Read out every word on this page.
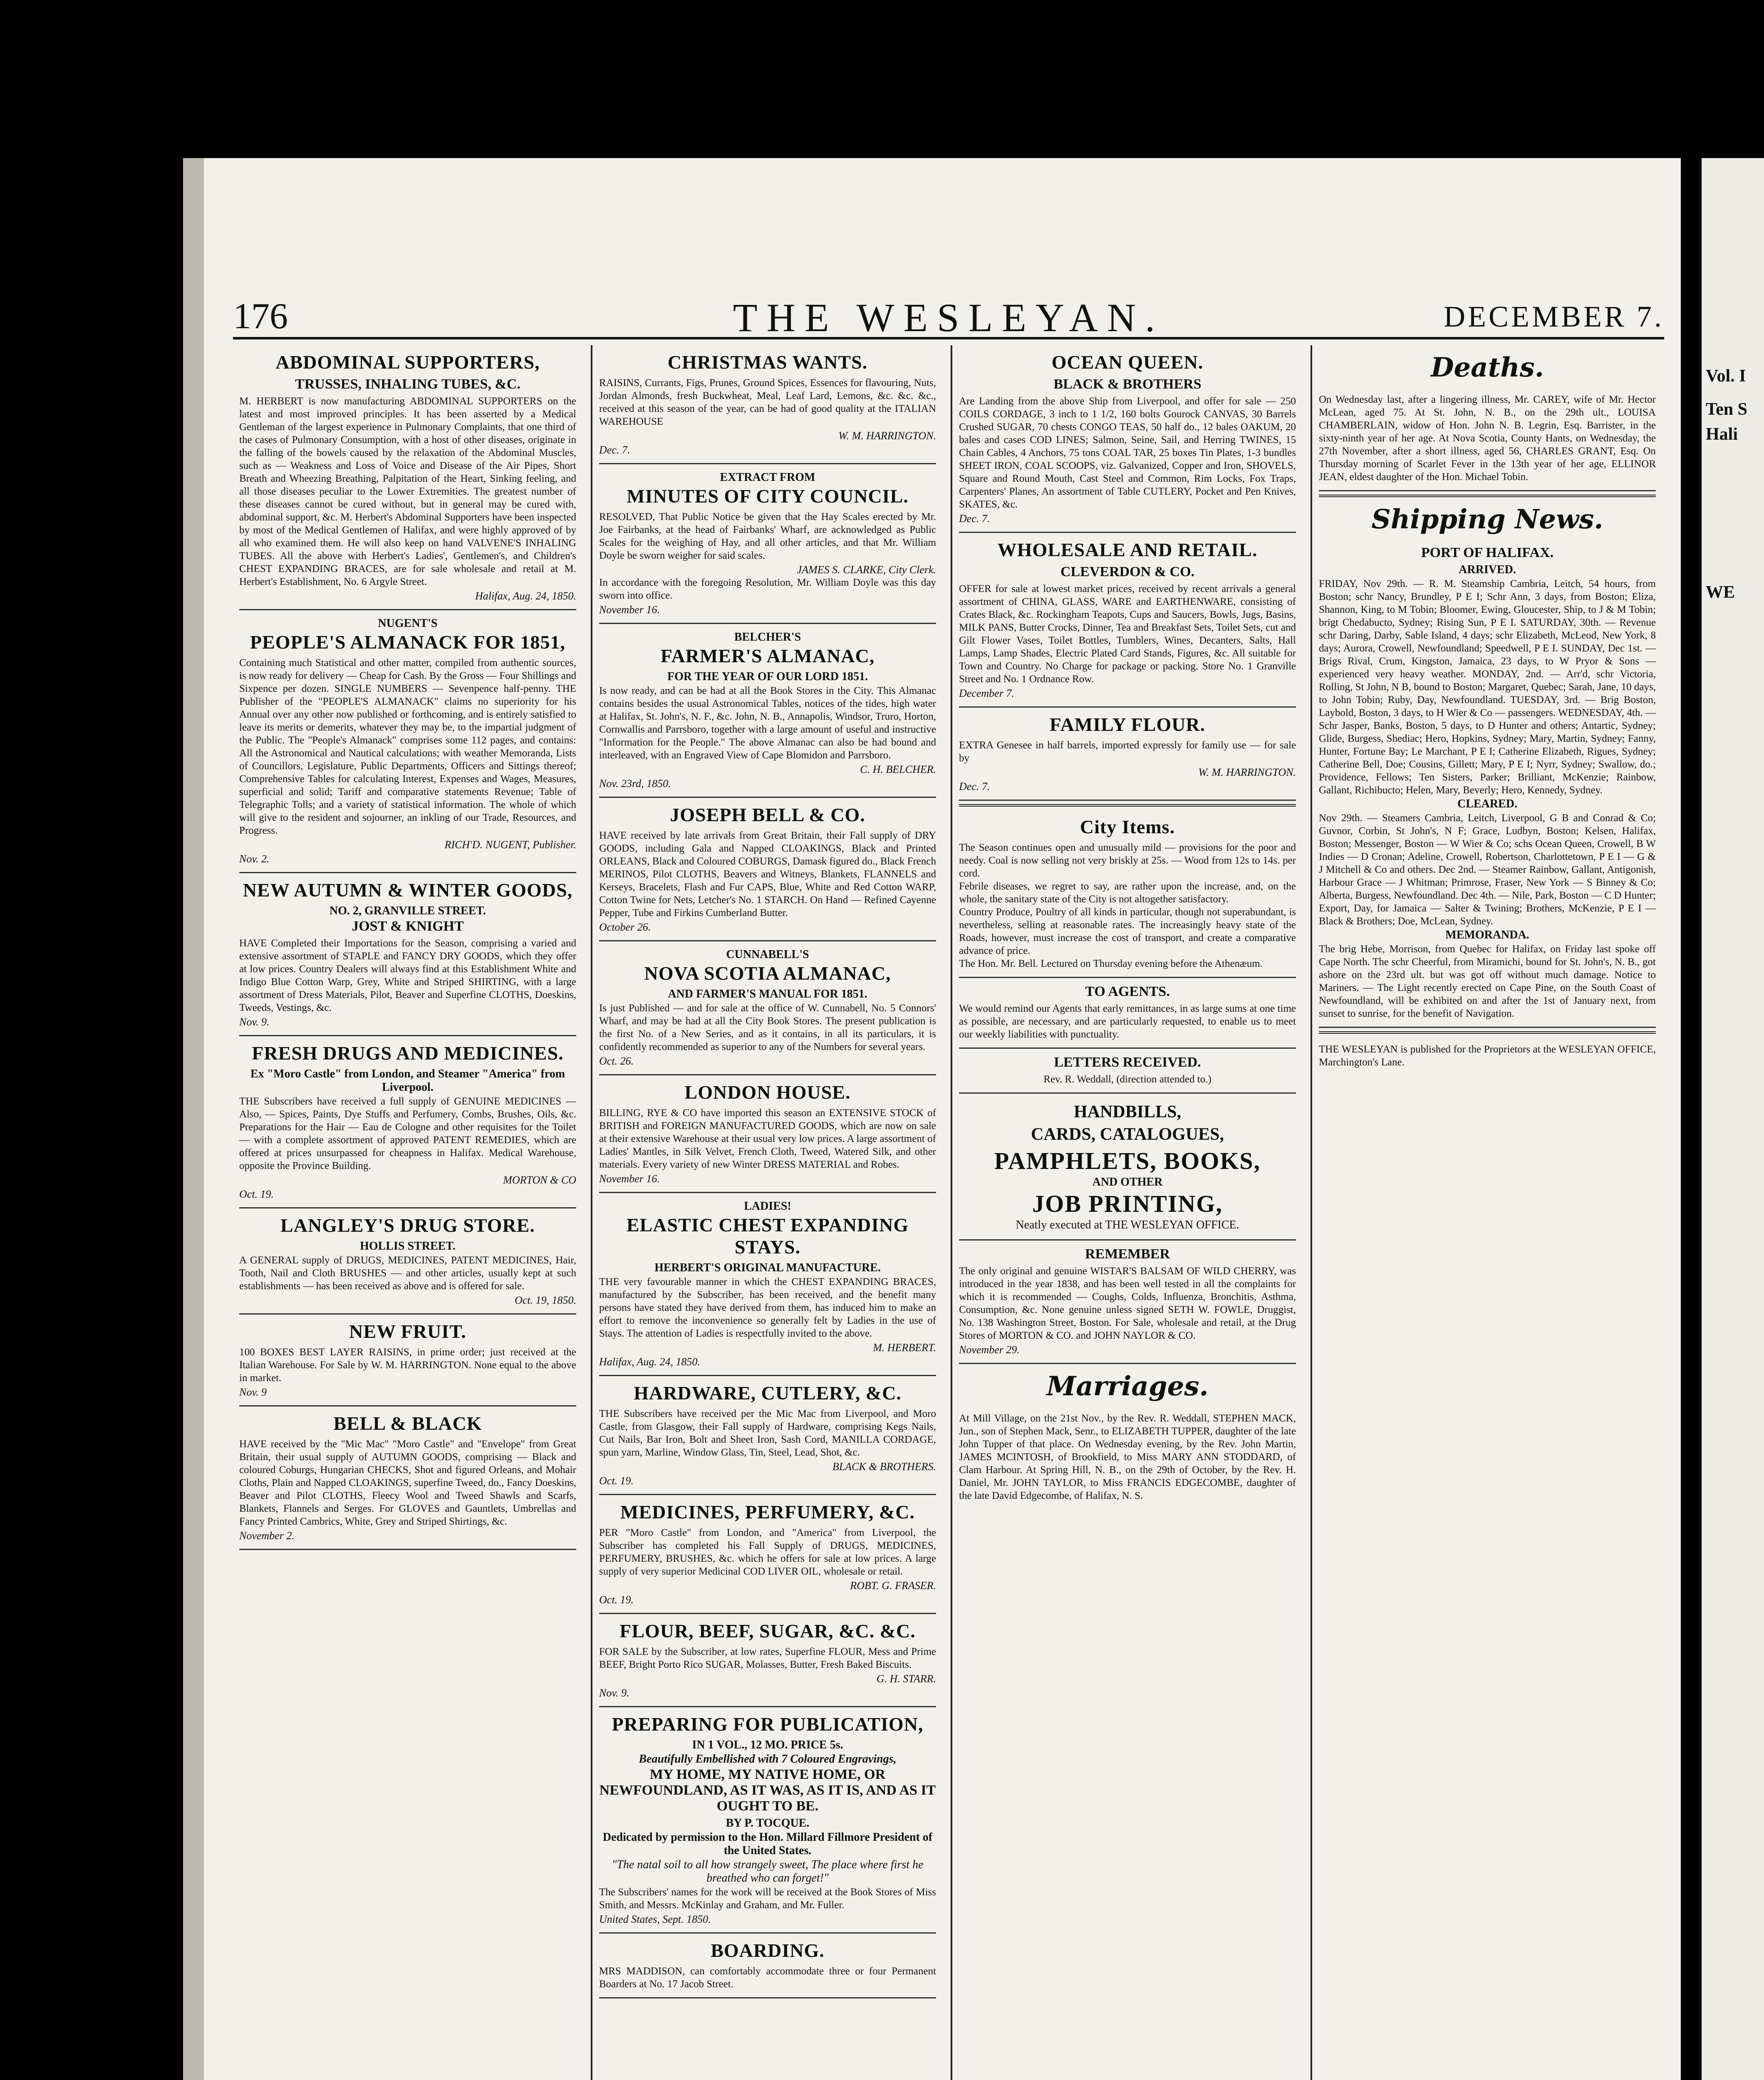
Vol. I
Ten S
Hali
WE
176	THE WESLEYAN.	DECEMBER 7.
ABDOMINAL SUPPORTERS,
TRUSSES, INHALING TUBES, &C.

M. HERBERT is now manufacturing ABDOMINAL SUPPORTERS on the latest and most improved principles. It has been asserted by a Medical Gentleman of the largest experience in Pulmonary Complaints, that one third of the cases of Pulmonary Consumption, with a host of other diseases, originate in the falling of the bowels caused by the relaxation of the Abdominal Muscles, such as — Weakness and Loss of Voice and Disease of the Air Pipes, Short Breath and Wheezing Breathing, Palpitation of the Heart, Sinking feeling, and all those diseases peculiar to the Lower Extremities. The greatest number of these diseases cannot be cured without, but in general may be cured with, abdominal support, &c. M. Herbert's Abdominal Supporters have been inspected by most of the Medical Gentlemen of Halifax, and were highly approved of by all who examined them. He will also keep on hand VALVENE'S INHALING TUBES. All the above with Herbert's Ladies', Gentlemen's, and Children's CHEST EXPANDING BRACES, are for sale wholesale and retail at M. Herbert's Establishment, No. 6 Argyle Street.

Halifax, Aug. 24, 1850.
NUGENT'S
PEOPLE'S ALMANACK FOR 1851,

Containing much Statistical and other matter, compiled from authentic sources, is now ready for delivery — Cheap for Cash. By the Gross — Four Shillings and Sixpence per dozen. SINGLE NUMBERS — Sevenpence half-penny. THE Publisher of the "PEOPLE'S ALMANACK" claims no superiority for his Annual over any other now published or forthcoming, and is entirely satisfied to leave its merits or demerits, whatever they may be, to the impartial judgment of the Public. The "People's Almanack" comprises some 112 pages, and contains: All the Astronomical and Nautical calculations; with weather Memoranda, Lists of Councillors, Legislature, Public Departments, Officers and Sittings thereof; Comprehensive Tables for calculating Interest, Expenses and Wages, Measures, superficial and solid; Tariff and comparative statements Revenue; Table of Telegraphic Tolls; and a variety of statistical information. The whole of which will give to the resident and sojourner, an inkling of our Trade, Resources, and Progress.

RICH'D. NUGENT, Publisher.
Nov. 2.
NEW AUTUMN & WINTER GOODS,
NO. 2, GRANVILLE STREET.
JOST & KNIGHT

HAVE Completed their Importations for the Season, comprising a varied and extensive assortment of STAPLE and FANCY DRY GOODS, which they offer at low prices. Country Dealers will always find at this Establishment White and Indigo Blue Cotton Warp, Grey, White and Striped SHIRTING, with a large assortment of Dress Materials, Pilot, Beaver and Superfine CLOTHS, Doeskins, Tweeds, Vestings, &c.

Nov. 9.
FRESH DRUGS AND MEDICINES.
Ex "Moro Castle" from London, and Steamer "America" from Liverpool.

THE Subscribers have received a full supply of GENUINE MEDICINES — Also, — Spices, Paints, Dye Stuffs and Perfumery, Combs, Brushes, Oils, &c. Preparations for the Hair — Eau de Cologne and other requisites for the Toilet — with a complete assortment of approved PATENT REMEDIES, which are offered at prices unsurpassed for cheapness in Halifax. Medical Warehouse, opposite the Province Building.

MORTON & CO
Oct. 19.
LANGLEY'S DRUG STORE.
HOLLIS STREET.

A GENERAL supply of DRUGS, MEDICINES, PATENT MEDICINES, Hair, Tooth, Nail and Cloth BRUSHES — and other articles, usually kept at such establishments — has been received as above and is offered for sale.

Oct. 19, 1850.
NEW FRUIT.

100 BOXES BEST LAYER RAISINS, in prime order; just received at the Italian Warehouse. For Sale by W. M. HARRINGTON. None equal to the above in market.

Nov. 9
BELL & BLACK

HAVE received by the "Mic Mac" "Moro Castle" and "Envelope" from Great Britain, their usual supply of AUTUMN GOODS, comprising — Black and coloured Coburgs, Hungarian CHECKS, Shot and figured Orleans, and Mohair Cloths, Plain and Napped CLOAKINGS, superfine Tweed, do., Fancy Doeskins, Beaver and Pilot CLOTHS, Fleecy Wool and Tweed Shawls and Scarfs, Blankets, Flannels and Serges. For GLOVES and Gauntlets, Umbrellas and Fancy Printed Cambrics, White, Grey and Striped Shirtings, &c.

November 2.
CHRISTMAS WANTS.

RAISINS, Currants, Figs, Prunes, Ground Spices, Essences for flavouring, Nuts, Jordan Almonds, fresh Buckwheat, Meal, Leaf Lard, Lemons, &c. &c. &c., received at this season of the year, can be had of good quality at the ITALIAN WAREHOUSE

W. M. HARRINGTON.
Dec. 7.
EXTRACT FROM
MINUTES OF CITY COUNCIL.

RESOLVED, That Public Notice be given that the Hay Scales erected by Mr. Joe Fairbanks, at the head of Fairbanks' Wharf, are acknowledged as Public Scales for the weighing of Hay, and all other articles, and that Mr. William Doyle be sworn weigher for said scales.

JAMES S. CLARKE, City Clerk.

In accordance with the foregoing Resolution, Mr. William Doyle was this day sworn into office.

November 16.
BELCHER'S
FARMER'S ALMANAC,
FOR THE YEAR OF OUR LORD 1851.

Is now ready, and can be had at all the Book Stores in the City. This Almanac contains besides the usual Astronomical Tables, notices of the tides, high water at Halifax, St. John's, N. F., &c. John, N. B., Annapolis, Windsor, Truro, Horton, Cornwallis and Parrsboro, together with a large amount of useful and instructive "Information for the People." The above Almanac can also be had bound and interleaved, with an Engraved View of Cape Blomidon and Parrsboro.

C. H. BELCHER.
Nov. 23rd, 1850.
JOSEPH BELL & CO.

HAVE received by late arrivals from Great Britain, their Fall supply of DRY GOODS, including Gala and Napped CLOAKINGS, Black and Printed ORLEANS, Black and Coloured COBURGS, Damask figured do., Black French MERINOS, Pilot CLOTHS, Beavers and Witneys, Blankets, FLANNELS and Kerseys, Bracelets, Flash and Fur CAPS, Blue, White and Red Cotton WARP, Cotton Twine for Nets, Letcher's No. 1 STARCH. On Hand — Refined Cayenne Pepper, Tube and Firkins Cumberland Butter.

October 26.
CUNNABELL'S
NOVA SCOTIA ALMANAC,
AND FARMER'S MANUAL FOR 1851.

Is just Published — and for sale at the office of W. Cunnabell, No. 5 Connors' Wharf, and may be had at all the City Book Stores. The present publication is the first No. of a New Series, and as it contains, in all its particulars, it is confidently recommended as superior to any of the Numbers for several years.

Oct. 26.
LONDON HOUSE.

BILLING, RYE & CO have imported this season an EXTENSIVE STOCK of BRITISH and FOREIGN MANUFACTURED GOODS, which are now on sale at their extensive Warehouse at their usual very low prices. A large assortment of Ladies' Mantles, in Silk Velvet, French Cloth, Tweed, Watered Silk, and other materials. Every variety of new Winter DRESS MATERIAL and Robes.

November 16.
LADIES!
ELASTIC CHEST EXPANDING STAYS.
HERBERT'S ORIGINAL MANUFACTURE.

THE very favourable manner in which the CHEST EXPANDING BRACES, manufactured by the Subscriber, has been received, and the benefit many persons have stated they have derived from them, has induced him to make an effort to remove the inconvenience so generally felt by Ladies in the use of Stays. The attention of Ladies is respectfully invited to the above.

M. HERBERT.
Halifax, Aug. 24, 1850.
HARDWARE, CUTLERY, &C.

THE Subscribers have received per the Mic Mac from Liverpool, and Moro Castle, from Glasgow, their Fall supply of Hardware, comprising Kegs Nails, Cut Nails, Bar Iron, Bolt and Sheet Iron, Sash Cord, MANILLA CORDAGE, spun yarn, Marline, Window Glass, Tin, Steel, Lead, Shot, &c.

BLACK & BROTHERS.
Oct. 19.
MEDICINES, PERFUMERY, &C.

PER "Moro Castle" from London, and "America" from Liverpool, the Subscriber has completed his Fall Supply of DRUGS, MEDICINES, PERFUMERY, BRUSHES, &c. which he offers for sale at low prices. A large supply of very superior Medicinal COD LIVER OIL, wholesale or retail.

ROBT. G. FRASER.
Oct. 19.
FLOUR, BEEF, SUGAR, &C. &C.

FOR SALE by the Subscriber, at low rates, Superfine FLOUR, Mess and Prime BEEF, Bright Porto Rico SUGAR, Molasses, Butter, Fresh Baked Biscuits.

G. H. STARR.
Nov. 9.
PREPARING FOR PUBLICATION,
IN 1 VOL., 12 MO. PRICE 5s.
Beautifully Embellished with 7 Coloured Engravings,
MY HOME, MY NATIVE HOME, OR NEWFOUNDLAND, AS IT WAS, AS IT IS, AND AS IT OUGHT TO BE.
BY P. TOCQUE.
Dedicated by permission to the Hon. Millard Fillmore President of the United States.
"The natal soil to all how strangely sweet, The place where first he breathed who can forget!"

The Subscribers' names for the work will be received at the Book Stores of Miss Smith, and Messrs. McKinlay and Graham, and Mr. Fuller.

United States, Sept. 1850.
BOARDING.

MRS MADDISON, can comfortably accommodate three or four Permanent Boarders at No. 17 Jacob Street.

OCEAN QUEEN.
BLACK & BROTHERS

Are Landing from the above Ship from Liverpool, and offer for sale — 250 COILS CORDAGE, 3 inch to 1 1/2, 160 bolts Gourock CANVAS, 30 Barrels Crushed SUGAR, 70 chests CONGO TEAS, 50 half do., 12 bales OAKUM, 20 bales and cases COD LINES; Salmon, Seine, Sail, and Herring TWINES, 15 Chain Cables, 4 Anchors, 75 tons COAL TAR, 25 boxes Tin Plates, 1-3 bundles SHEET IRON, COAL SCOOPS, viz. Galvanized, Copper and Iron, SHOVELS, Square and Round Mouth, Cast Steel and Common, Rim Locks, Fox Traps, Carpenters' Planes, An assortment of Table CUTLERY, Pocket and Pen Knives, SKATES, &c.

Dec. 7.
WHOLESALE AND RETAIL.
CLEVERDON & CO.

OFFER for sale at lowest market prices, received by recent arrivals a general assortment of CHINA, GLASS, WARE and EARTHENWARE, consisting of Crates Black, &c. Rockingham Teapots, Cups and Saucers, Bowls, Jugs, Basins, MILK PANS, Butter Crocks, Dinner, Tea and Breakfast Sets, Toilet Sets, cut and Gilt Flower Vases, Toilet Bottles, Tumblers, Wines, Decanters, Salts, Hall Lamps, Lamp Shades, Electric Plated Card Stands, Figures, &c. All suitable for Town and Country. No Charge for package or packing. Store No. 1 Granville Street and No. 1 Ordnance Row.

December 7.
FAMILY FLOUR.

EXTRA Genesee in half barrels, imported expressly for family use — for sale by

W. M. HARRINGTON.
Dec. 7.
City Items.

The Season continues open and unusually mild — provisions for the poor and needy. Coal is now selling not very briskly at 25s. — Wood from 12s to 14s. per cord.

Febrile diseases, we regret to say, are rather upon the increase, and, on the whole, the sanitary state of the City is not altogether satisfactory.

Country Produce, Poultry of all kinds in particular, though not superabundant, is nevertheless, selling at reasonable rates. The increasingly heavy state of the Roads, however, must increase the cost of transport, and create a comparative advance of price.

The Hon. Mr. Bell. Lectured on Thursday evening before the Athenæum.

TO AGENTS.

We would remind our Agents that early remittances, in as large sums at one time as possible, are necessary, and are particularly requested, to enable us to meet our weekly liabilities with punctuality.

LETTERS RECEIVED.

Rev. R. Weddall, (direction attended to.)

HANDBILLS,
CARDS, CATALOGUES,
PAMPHLETS, BOOKS,
AND OTHER
JOB PRINTING,
Neatly executed at THE WESLEYAN OFFICE.
REMEMBER

The only original and genuine WISTAR'S BALSAM OF WILD CHERRY, was introduced in the year 1838, and has been well tested in all the complaints for which it is recommended — Coughs, Colds, Influenza, Bronchitis, Asthma, Consumption, &c. None genuine unless signed SETH W. FOWLE, Druggist, No. 138 Washington Street, Boston. For Sale, wholesale and retail, at the Drug Stores of MORTON & CO. and JOHN NAYLOR & CO.

November 29.
Marriages.

At Mill Village, on the 21st Nov., by the Rev. R. Weddall, STEPHEN MACK, Jun., son of Stephen Mack, Senr., to ELIZABETH TUPPER, daughter of the late John Tupper of that place. On Wednesday evening, by the Rev. John Martin, JAMES MCINTOSH, of Brookfield, to Miss MARY ANN STODDARD, of Clam Harbour. At Spring Hill, N. B., on the 29th of October, by the Rev. H. Daniel, Mr. JOHN TAYLOR, to Miss FRANCIS EDGECOMBE, daughter of the late David Edgecombe, of Halifax, N. S.

Deaths.

On Wednesday last, after a lingering illness, Mr. CAREY, wife of Mr. Hector McLean, aged 75. At St. John, N. B., on the 29th ult., LOUISA CHAMBERLAIN, widow of Hon. John N. B. Legrin, Esq. Barrister, in the sixty-ninth year of her age. At Nova Scotia, County Hants, on Wednesday, the 27th November, after a short illness, aged 56, CHARLES GRANT, Esq. On Thursday morning of Scarlet Fever in the 13th year of her age, ELLINOR JEAN, eldest daughter of the Hon. Michael Tobin.

Shipping News.
PORT OF HALIFAX.
ARRIVED.

FRIDAY, Nov 29th. — R. M. Steamship Cambria, Leitch, 54 hours, from Boston; schr Nancy, Brundley, P E I; Schr Ann, 3 days, from Boston; Eliza, Shannon, King, to M Tobin; Bloomer, Ewing, Gloucester, Ship, to J & M Tobin; brigt Chedabucto, Sydney; Rising Sun, P E I. SATURDAY, 30th. — Revenue schr Daring, Darby, Sable Island, 4 days; schr Elizabeth, McLeod, New York, 8 days; Aurora, Crowell, Newfoundland; Speedwell, P E I. SUNDAY, Dec 1st. — Brigs Rival, Crum, Kingston, Jamaica, 23 days, to W Pryor & Sons — experienced very heavy weather. MONDAY, 2nd. — Arr'd, schr Victoria, Rolling, St John, N B, bound to Boston; Margaret, Quebec; Sarah, Jane, 10 days, to John Tobin; Ruby, Day, Newfoundland. TUESDAY, 3rd. — Brig Boston, Laybold, Boston, 3 days, to H Wier & Co — passengers. WEDNESDAY, 4th. — Schr Jasper, Banks, Boston, 5 days, to D Hunter and others; Antartic, Sydney; Glide, Burgess, Shediac; Hero, Hopkins, Sydney; Mary, Martin, Sydney; Fanny, Hunter, Fortune Bay; Le Marchant, P E I; Catherine Elizabeth, Rigues, Sydney; Catherine Bell, Doe; Cousins, Gillett; Mary, P E I; Nyrr, Sydney; Swallow, do.; Providence, Fellows; Ten Sisters, Parker; Brilliant, McKenzie; Rainbow, Gallant, Richibucto; Helen, Mary, Beverly; Hero, Kennedy, Sydney.

CLEARED.

Nov 29th. — Steamers Cambria, Leitch, Liverpool, G B and Conrad & Co; Guvnor, Corbin, St John's, N F; Grace, Ludbyn, Boston; Kelsen, Halifax, Boston; Messenger, Boston — W Wier & Co; schs Ocean Queen, Crowell, B W Indies — D Cronan; Adeline, Crowell, Robertson, Charlottetown, P E I — G & J Mitchell & Co and others. Dec 2nd. — Steamer Rainbow, Gallant, Antigonish, Harbour Grace — J Whitman; Primrose, Fraser, New York — S Binney & Co; Alberta, Burgess, Newfoundland. Dec 4th. — Nile, Park, Boston — C D Hunter; Export, Day, for Jamaica — Salter & Twining; Brothers, McKenzie, P E I — Black & Brothers; Doe, McLean, Sydney.

MEMORANDA.

The brig Hebe, Morrison, from Quebec for Halifax, on Friday last spoke off Cape North. The schr Cheerful, from Miramichi, bound for St. John's, N. B., got ashore on the 23rd ult. but was got off without much damage. Notice to Mariners. — The Light recently erected on Cape Pine, on the South Coast of Newfoundland, will be exhibited on and after the 1st of January next, from sunset to sunrise, for the benefit of Navigation.

THE WESLEYAN is published for the Proprietors at the WESLEYAN OFFICE, Marchington's Lane.
